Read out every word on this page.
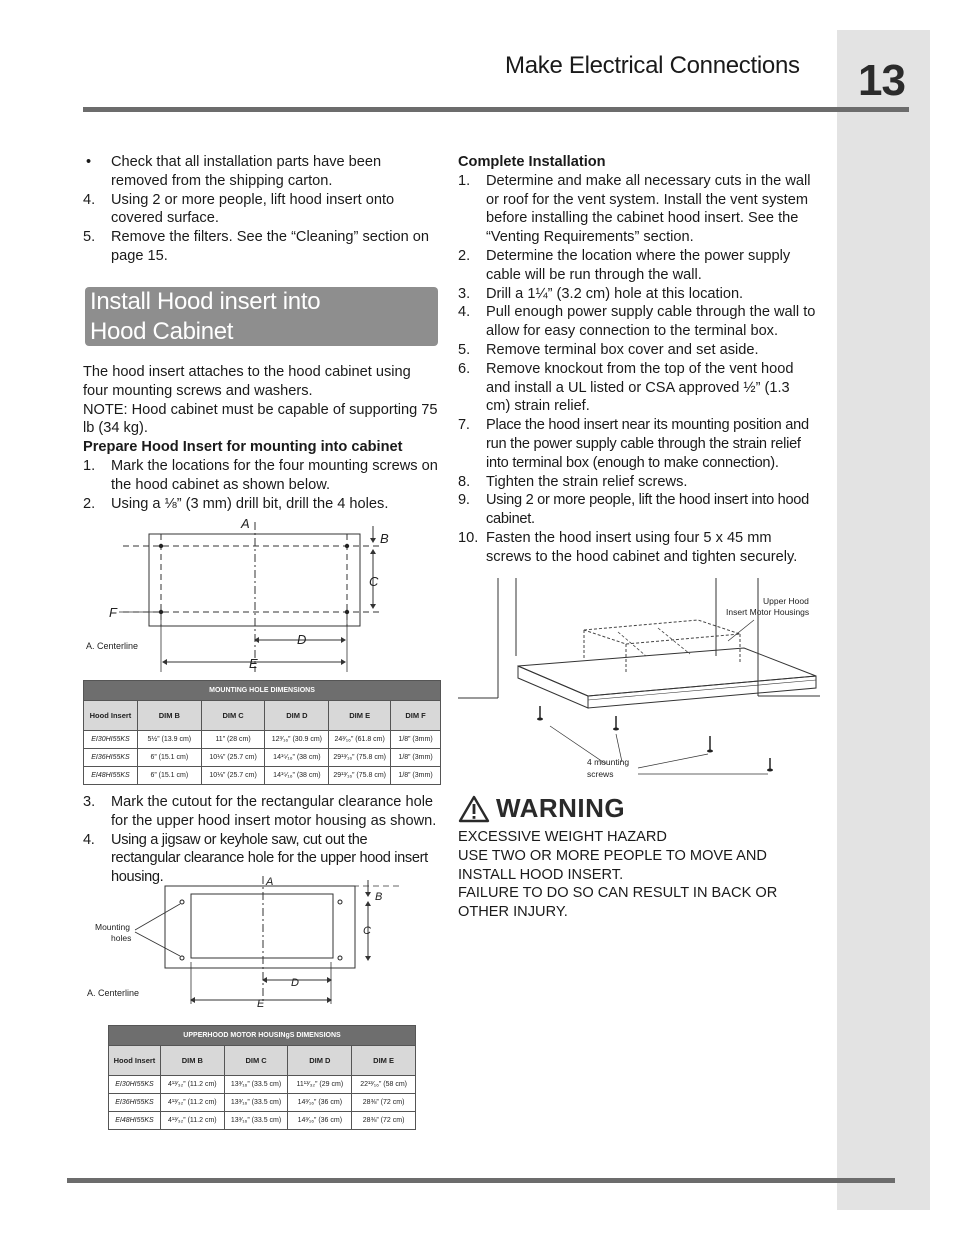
13
Make Electrical Connections
• Check that all installation parts have been removed from the shipping carton.
4. Using 2 or more people, lift hood insert onto covered surface.
5. Remove the filters. See the “Cleaning” section on page 15.
Install Hood insert into
Hood Cabinet
The hood insert attaches to the hood cabinet using four mounting screws and washers.
NOTE: Hood cabinet must be capable of supporting 75 lb (34 kg).
Prepare Hood Insert for mounting into cabinet
1. Mark the locations for the four mounting screws on the hood cabinet as shown below.
2. Using a ⅛” (3 mm) drill bit, drill the 4 holes.
A
B
C
D
E
F
A. Centerline
MOUNTING HOLE DIMENSIONS					
Hood Insert	DIM B	DIM C	DIM D	DIM E	DIM F
EI30HI55KS	5½” (13.9 cm)	11” (28 cm)	12³⁄₁₆” (30.9 cm)	24³⁄₁₆” (61.8 cm)	1/8” (3mm)
EI36HI55KS	6” (15.1 cm)	10⅛” (25.7 cm)	14¹⁵⁄₁₆” (38 cm)	29¹³⁄₁₆” (75.8 cm)	1/8” (3mm)
EI48HI55KS	6” (15.1 cm)	10⅛” (25.7 cm)	14¹⁵⁄₁₆” (38 cm)	29¹³⁄₁₆” (75.8 cm)	1/8” (3mm)
3. Mark the cutout for the rectangular clearance hole for the upper hood insert motor housing as shown.
4. Using a jigsaw or keyhole saw, cut out the rectangular clearance hole for the upper hood insert housing.	A
B
C
D
E
Mounting
holes
A. Centerline
UPPERHOOD MOTOR HOUSINgS DIMENSIONS				
Hood Insert	DIM B	DIM C	DIM D	DIM E
EI30HI55KS	4¹³⁄₃₂” (11.2 cm)	13³⁄₁₆” (33.5 cm)	11¹³⁄₃₂” (29 cm)	22¹³⁄₁₆” (58 cm)
EI36HI55KS	4¹³⁄₃₂” (11.2 cm)	13³⁄₁₆” (33.5 cm)	14³⁄₁₆” (36 cm)	28⅜” (72 cm)
EI48HI55KS	4¹³⁄₃₂” (11.2 cm)	13³⁄₁₆” (33.5 cm)	14³⁄₁₆” (36 cm)	28⅜” (72 cm)
Complete Installation
1. Determine and make all necessary cuts in the wall or roof for the vent system. Install the vent system before installing the cabinet hood insert. See the “Venting Requirements” section.
2. Determine the location where the power supply cable will be run through the wall.
3. Drill a 1¼” (3.2 cm) hole at this location.
4. Pull enough power supply cable through the wall to allow for easy connection to the terminal box.
5. Remove terminal box cover and set aside.
6. Remove knockout from the top of the vent hood and install a UL listed or CSA approved ½” (1.3 cm) strain relief.
7. Place the hood insert near its mounting position and run the power supply cable through the strain relief into terminal box (enough to make connection).
8. Tighten the strain relief screws.
9. Using 2 or more people, lift the hood insert into hood cabinet.
10. Fasten the hood insert using four 5 x 45 mm screws to the hood cabinet and tighten securely.
Upper Hood
Insert Motor Housings
4 mounting
screws
WARNING
EXCESSIVE WEIGHT HAZARD
USE TWO OR MORE PEOPLE TO MOVE AND INSTALL HOOD INSERT.
FAILURE TO DO SO CAN RESULT IN BACK OR OTHER INJURY.
